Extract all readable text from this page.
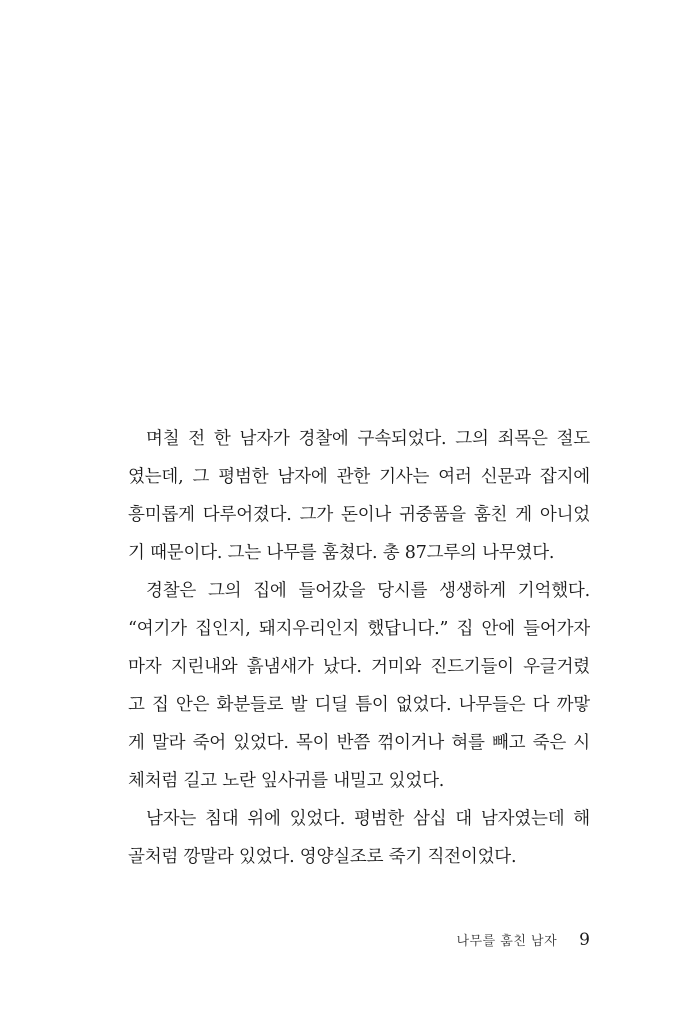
며칠 전 한 남자가 경찰에 구속되었다. 그의 죄목은 절도
였는데, 그 평범한 남자에 관한 기사는 여러 신문과 잡지에
흥미롭게 다루어졌다. 그가 돈이나 귀중품을 훔친 게 아니었
기 때문이다. 그는 나무를 훔쳤다. 총 87그루의 나무였다.
경찰은 그의 집에 들어갔을 당시를 생생하게 기억했다.
“여기가 집인지, 돼지우리인지 했답니다.” 집 안에 들어가자
마자 지린내와 흙냄새가 났다. 거미와 진드기들이 우글거렸
고 집 안은 화분들로 발 디딜 틈이 없었다. 나무들은 다 까맣
게 말라 죽어 있었다. 목이 반쯤 꺾이거나 혀를 빼고 죽은 시
체처럼 길고 노란 잎사귀를 내밀고 있었다.
남자는 침대 위에 있었다. 평범한 삼십 대 남자였는데 해
골처럼 깡말라 있었다. 영양실조로 죽기 직전이었다.
나무를 훔친 남자 9
